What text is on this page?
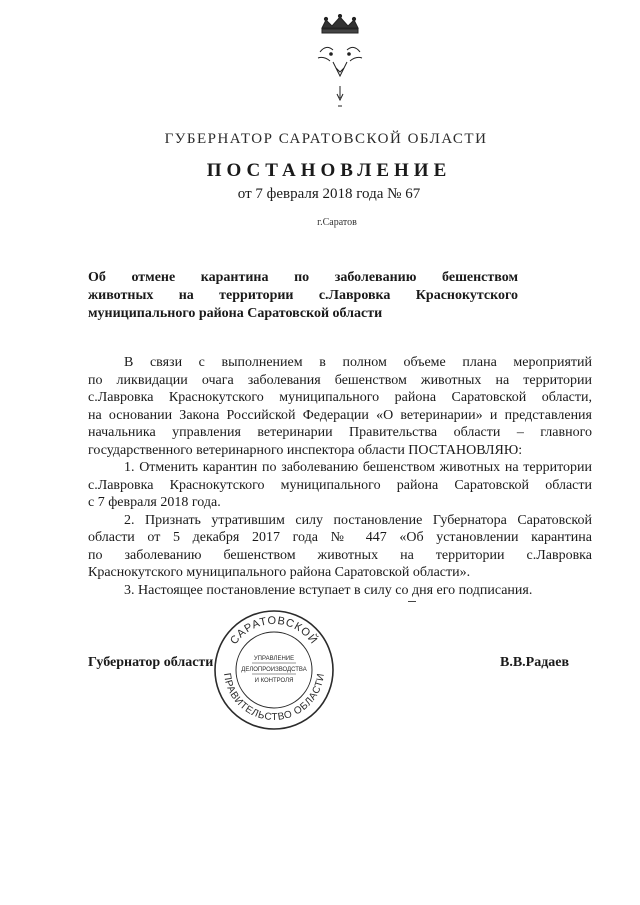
ГУБЕРНАТОР САРАТОВСКОЙ ОБЛАСТИ
ПОСТАНОВЛЕНИЕ
от 7 февраля 2018 года № 67
г.Саратов
Об отмене карантина по заболеванию бешенством
животных на территории с.Лавровка Краснокутского
муниципального района Саратовской области
В связи с выполнением в полном объеме плана мероприятий
по ликвидации очага заболевания бешенством животных на территории
с.Лавровка Краснокутского муниципального района Саратовской области,
на основании Закона Российской Федерации «О ветеринарии» и представления
начальника управления ветеринарии Правительства области – главного
государственного ветеринарного инспектора области ПОСТАНОВЛЯЮ:
1. Отменить карантин по заболеванию бешенством животных на территории
с.Лавровка Краснокутского муниципального района Саратовской области
с 7 февраля 2018 года.
2. Признать утратившим силу постановление Губернатора Саратовской
области от 5 декабря 2017 года № 447 «Об установлении карантина
по заболеванию бешенством животных на территории с.Лавровка
Краснокутского муниципального района Саратовской области».
3. Настоящее постановление вступает в силу со дня его подписания.
Губернатор области	В.В.Радаев
САРАТОВСКОЙ
ПРАВИТЕЛЬСТВО ОБЛАСТИ
УПРАВЛЕНИЕ
ДЕЛОПРОИЗВОДСТВА
И КОНТРОЛЯ
